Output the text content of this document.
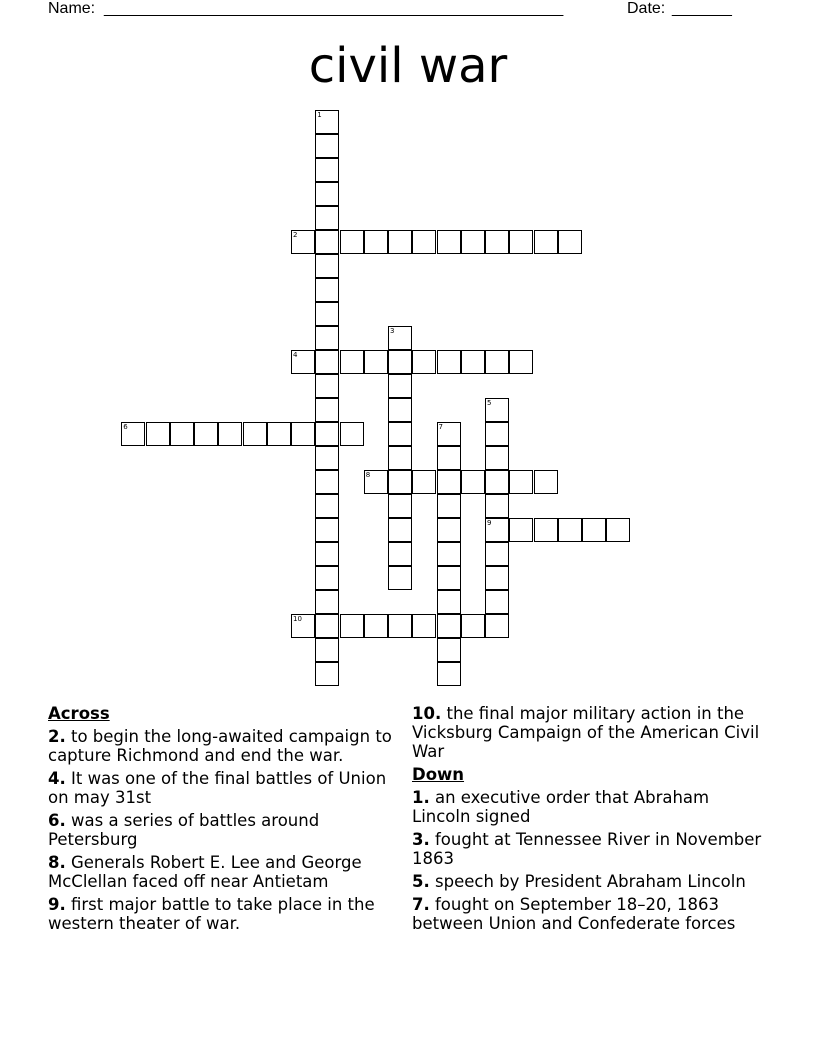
Name: ______________________________________________________	Date: _______
civil war
1
2
3
4
5
9
6	7
8
10
Across
2. to begin the long-awaited campaign to capture Richmond and end the war.
4. It was one of the final battles of Union on may 31st
6. was a series of battles around Petersburg
8. Generals Robert E. Lee and George McClellan faced off near Antietam
9. first major battle to take place in the western theater of war.
10. the final major military action in the Vicksburg Campaign of the American Civil War
Down
1. an executive order that Abraham Lincoln signed
3. fought at Tennessee River in November 1863
5. speech by President Abraham Lincoln
7. fought on September 18–20, 1863 between Union and Confederate forces
